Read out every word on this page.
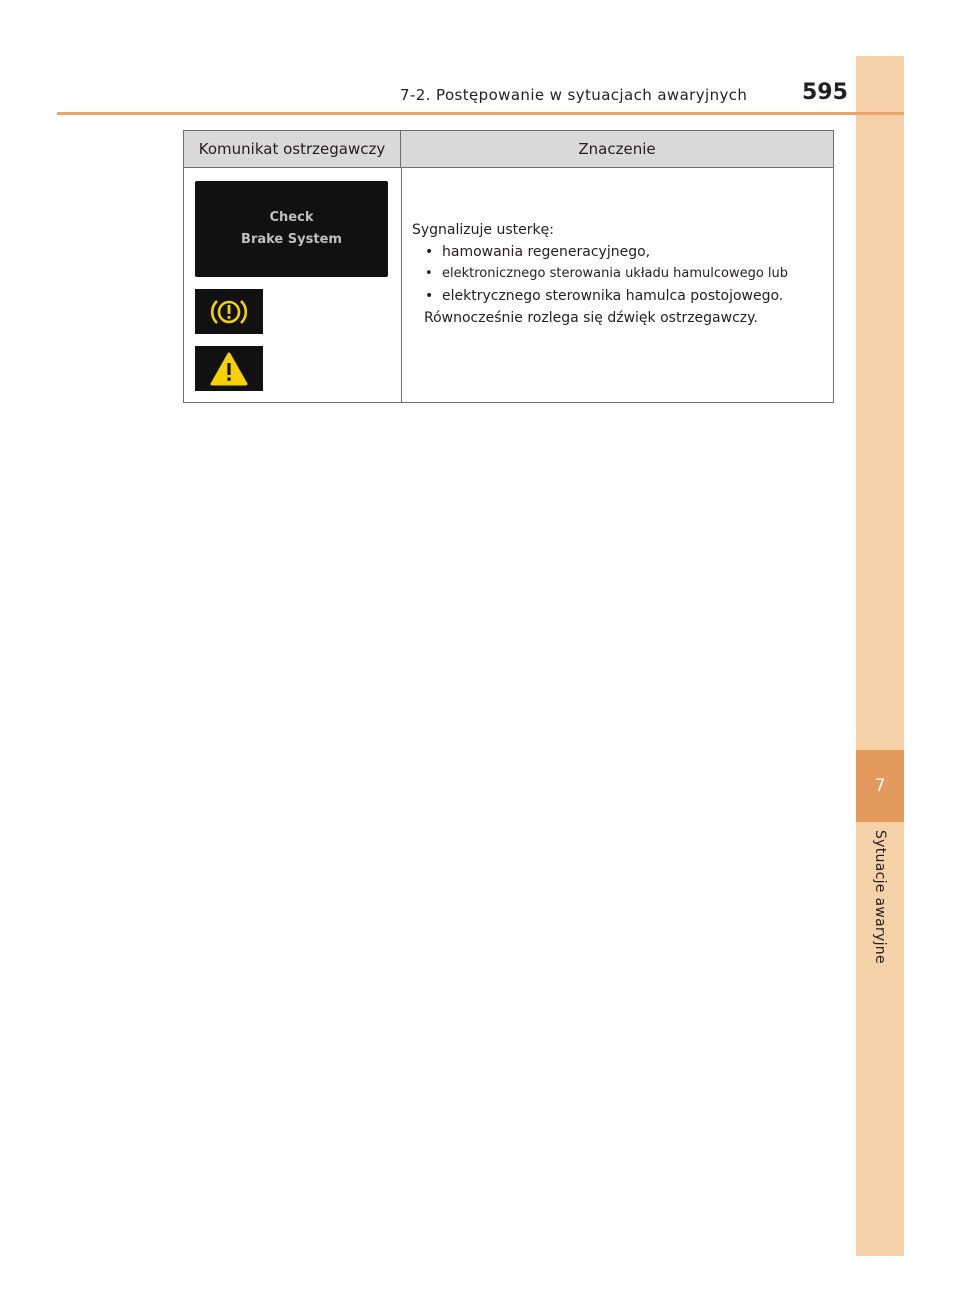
7
Sytuacje awaryjne
7-2. Postępowanie w sytuacjach awaryjnych 595
Komunikat ostrzegawczy	Znaczenie
Check
Brake System
Sygnalizuje usterkę:
• hamowania regeneracyjnego,
• elektronicznego sterowania układu hamulcowego lub
• elektrycznego sterownika hamulca postojowego.
Równocześnie rozlega się dźwięk ostrzegawczy.
